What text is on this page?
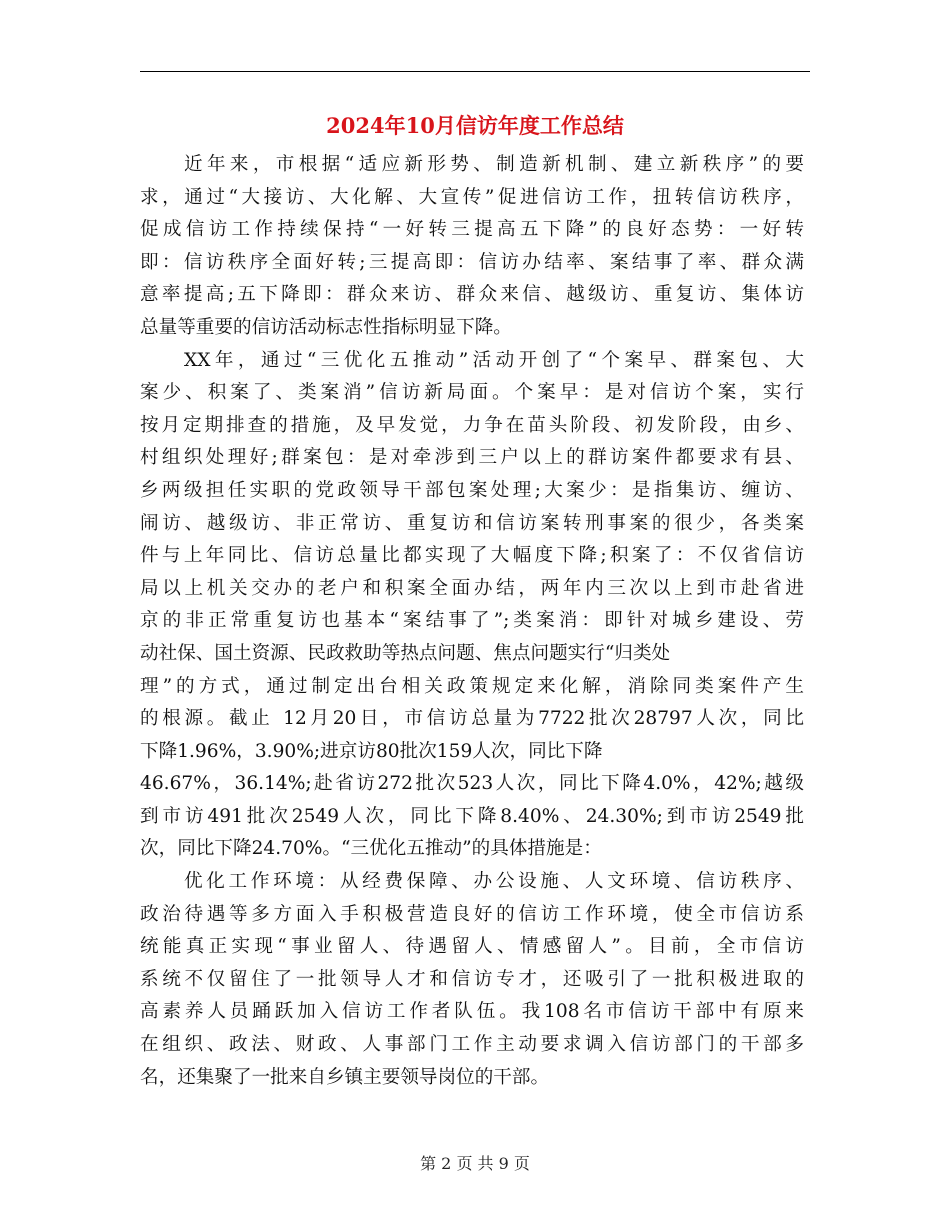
2024年10月信访年度工作总结
近年来，市根据“适应新形势、制造新机制、建立新秩序”的要
求，通过“大接访、大化解、大宣传”促进信访工作，扭转信访秩序，
促成信访工作持续保持“一好转三提高五下降”的良好态势：一好转
即：信访秩序全面好转;三提高即：信访办结率、案结事了率、群众满
意率提高;五下降即：群众来访、群众来信、越级访、重复访、集体访
总量等重要的信访活动标志性指标明显下降。
XX年，通过“三优化五推动”活动开创了“个案早、群案包、大
案少、积案了、类案消”信访新局面。个案早：是对信访个案，实行
按月定期排查的措施，及早发觉，力争在苗头阶段、初发阶段，由乡、
村组织处理好;群案包：是对牵涉到三户以上的群访案件都要求有县、
乡两级担任实职的党政领导干部包案处理;大案少：是指集访、缠访、
闹访、越级访、非正常访、重复访和信访案转刑事案的很少，各类案
件与上年同比、信访总量比都实现了大幅度下降;积案了：不仅省信访
局以上机关交办的老户和积案全面办结，两年内三次以上到市赴省进
京的非正常重复访也基本“案结事了”;类案消：即针对城乡建设、劳
动社保、国土资源、民政救助等热点问题、焦点问题实行“归类处
理”的方式，通过制定出台相关政策规定来化解，消除同类案件产生
的根源。截止 12月20日，市信访总量为7722批次28797人次，同比
下降1.96%，3.90%;进京访80批次159人次，同比下降
46.67%，36.14%;赴省访272批次523人次，同比下降4.0%，42%;越级
到市访491批次2549人次，同比下降8.40%、24.30%;到市访2549批
次，同比下降24.70%。“三优化五推动”的具体措施是：
优化工作环境：从经费保障、办公设施、人文环境、信访秩序、
政治待遇等多方面入手积极营造良好的信访工作环境，使全市信访系
统能真正实现“事业留人、待遇留人、情感留人”。目前，全市信访
系统不仅留住了一批领导人才和信访专才，还吸引了一批积极进取的
高素养人员踊跃加入信访工作者队伍。我108名市信访干部中有原来
在组织、政法、财政、人事部门工作主动要求调入信访部门的干部多
名，还集聚了一批来自乡镇主要领导岗位的干部。
第 2 页 共 9 页
